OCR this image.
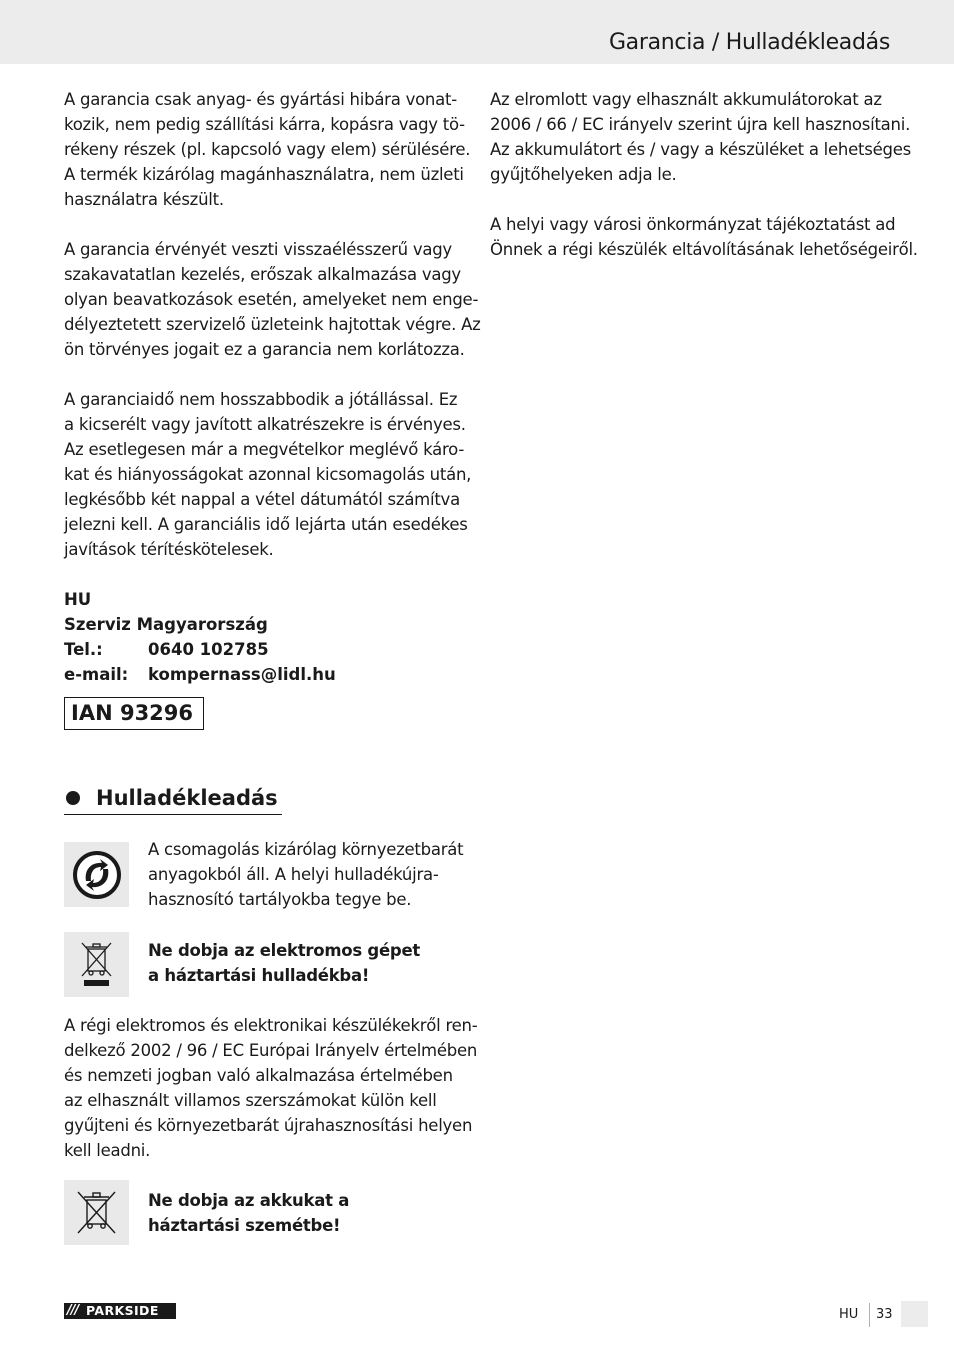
Garancia / Hulladékleadás

A garancia csak anyag- és gyártási hibára vonat-
kozik, nem pedig szállítási kárra, kopásra vagy tö-
rékeny részek (pl. kapcsoló vagy elem) sérülésére.
A termék kizárólag magánhasználatra, nem üzleti
használatra készült.

A garancia érvényét veszti visszaélésszerű vagy
szakavatatlan kezelés, erőszak alkalmazása vagy
olyan beavatkozások esetén, amelyeket nem enge-
délyeztetett szervizelő üzleteink hajtottak végre. Az
ön törvényes jogait ez a garancia nem korlátozza.

A garanciaidő nem hosszabbodik a jótállással. Ez
a kicserélt vagy javított alkatrészekre is érvényes.
Az esetlegesen már a megvételkor meglévő káro-
kat és hiányosságokat azonnal kicsomagolás után,
legkésőbb két nappal a vétel dátumától számítva
jelezni kell. A garanciális idő lejárta után esedékes
javítások térítéskötelesek.

HU
Szerviz Magyarország
Tel.:	0640 102785
e-mail:	kompernass@lidl.hu
IAN 93296
Hulladékleadás
A csomagolás kizárólag környezetbarát
anyagokból áll. A helyi hulladékújra-
hasznosító tartályokba tegye be.
Ne dobja az elektromos gépet
a háztartási hulladékba!
A régi elektromos és elektronikai készülékekről ren-
delkező 2002 / 96 / EC Európai Irányelv értelmében
és nemzeti jogban való alkalmazása értelmében
az elhasznált villamos szerszámokat külön kell
gyűjteni és környezetbarát újrahasznosítási helyen
kell leadni.
Ne dobja az akkukat a
háztartási szemétbe!

Az elromlott vagy elhasznált akkumulátorokat az
2006 / 66 / EC irányelv szerint újra kell hasznosítani.
Az akkumulátort és / vagy a készüléket a lehetséges
gyűjtőhelyeken adja le.

A helyi vagy városi önkormányzat tájékoztatást ad
Önnek a régi készülék eltávolításának lehetőségeiről.

/// PARKSIDE	HU 33
